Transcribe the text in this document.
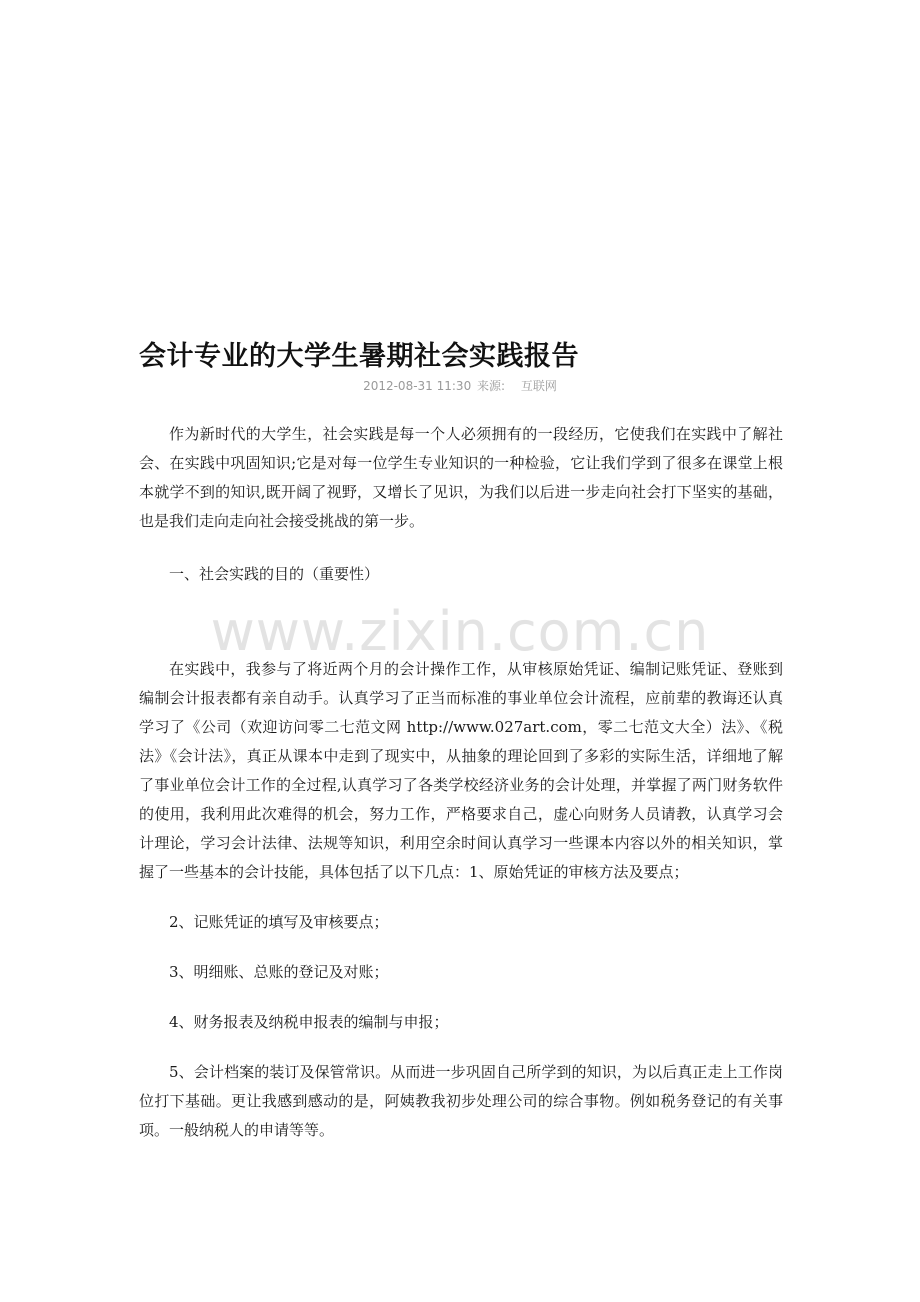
会计专业的大学生暑期社会实践报告
2012-08-31 11:30 来源: 互联网

作为新时代的大学生，社会实践是每一个人必须拥有的一段经历，它使我们在实践中了解社会、在实践中巩固知识;它是对每一位学生专业知识的一种检验，它让我们学到了很多在课堂上根本就学不到的知识,既开阔了视野，又增长了见识，为我们以后进一步走向社会打下坚实的基础，也是我们走向走向社会接受挑战的第一步。

一、社会实践的目的（重要性）

在实践中，我参与了将近两个月的会计操作工作，从审核原始凭证、编制记账凭证、登账到编制会计报表都有亲自动手。认真学习了正当而标准的事业单位会计流程，应前辈的教诲还认真学习了《公司（欢迎访问零二七范文网 http://www.027art.com，零二七范文大全）法》、《税法》《会计法》，真正从课本中走到了现实中，从抽象的理论回到了多彩的实际生活，详细地了解了事业单位会计工作的全过程,认真学习了各类学校经济业务的会计处理，并掌握了两门财务软件的使用，我利用此次难得的机会，努力工作，严格要求自己，虚心向财务人员请教，认真学习会计理论，学习会计法律、法规等知识，利用空余时间认真学习一些课本内容以外的相关知识，掌握了一些基本的会计技能，具体包括了以下几点：1、原始凭证的审核方法及要点；

2、记账凭证的填写及审核要点；

3、明细账、总账的登记及对账；

4、财务报表及纳税申报表的编制与申报；

5、会计档案的装订及保管常识。从而进一步巩固自己所学到的知识，为以后真正走上工作岗位打下基础。更让我感到感动的是，阿姨教我初步处理公司的综合事物。例如税务登记的有关事项。一般纳税人的申请等等。

www.zixin.com.cn
